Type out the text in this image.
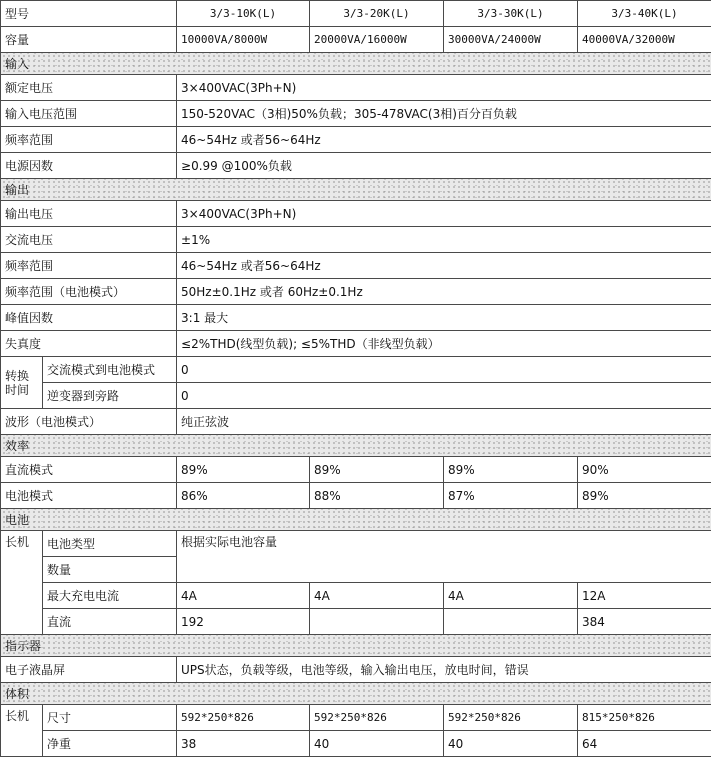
型号		3/3-10K(L)	3/3-20K(L)	3/3-30K(L)	3/3-40K(L)
容量		10000VA/8000W	20000VA/16000W	30000VA/24000W	40000VA/32000W
输入					
额定电压		3×400VAC(3Ph+N)			
输入电压范围		150-520VAC（3相)50%负载；305-478VAC(3相)百分百负载			
频率范围		46~54Hz 或者56~64Hz			
电源因数		≥0.99 @100%负载			
输出					
输出电压		3×400VAC(3Ph+N)			
交流电压		±1%			
频率范围		46~54Hz 或者56~64Hz			
频率范围（电池模式）		50Hz±0.1Hz 或者 60Hz±0.1Hz			
峰值因数		3:1 最大			
失真度		≤2%THD(线型负载); ≤5%THD（非线型负载）			

转换
时间	交流模式到电池模式	0			
	逆变器到旁路	0			
波形（电池模式）		纯正弦波			
效率					
直流模式		89%	89%	89%	90%
电池模式		86%	88%	87%	89%
电池					
长机	电池类型	根据实际电池容量			
	数量				
	最大充电电流	4A	4A	4A	12A
	直流	192			384
指示器					
电子液晶屏		UPS状态，负载等级，电池等级，输入输出电压，放电时间，错误			
体积					
长机	尺寸	592*250*826	592*250*826	592*250*826	815*250*826
	净重	38	40	40	64
